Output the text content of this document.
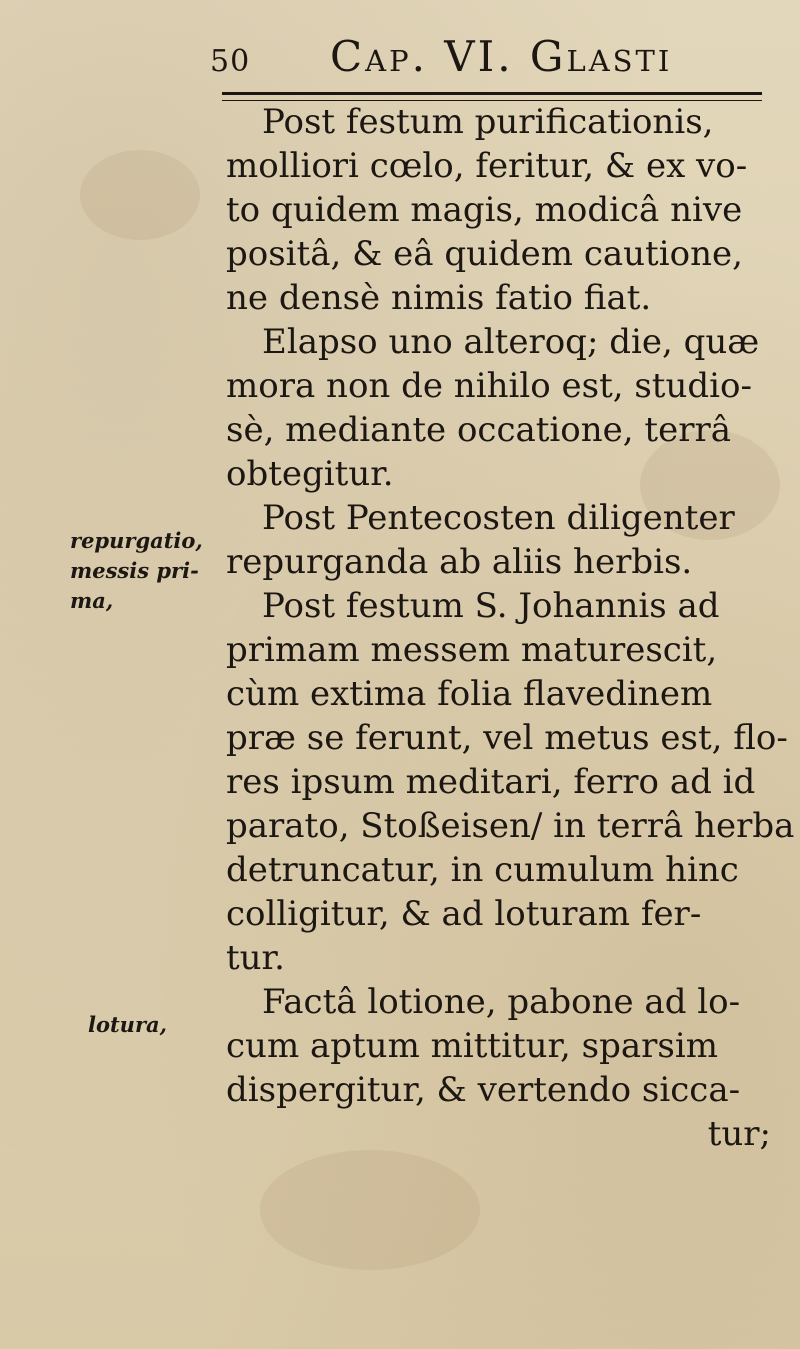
50 Cap. VI. Glasti
repurgatio,
messis pri-
ma,
lotura,
Post festum purificationis,
molliori cœlo, feritur, & ex vo-
to quidem magis, modicâ nive
positâ, & eâ quidem cautione,
ne densè nimis fatio fiat.
Elapso uno alteroq; die, quæ
mora non de nihilo est, studio-
sè, mediante occatione, terrâ
obtegitur.
Post Pentecosten diligenter
repurganda ab aliis herbis.
Post festum S. Johannis ad
primam messem maturescit,
cùm extima folia flavedinem
præ se ferunt, vel metus est, flo-
res ipsum meditari, ferro ad id
parato, Stoßeisen/ in terrâ herba
detruncatur, in cumulum hinc
colligitur, & ad loturam fer-
tur.
Factâ lotione, pabone ad lo-
cum aptum mittitur, sparsim
dispergitur, & vertendo sicca-
tur;
